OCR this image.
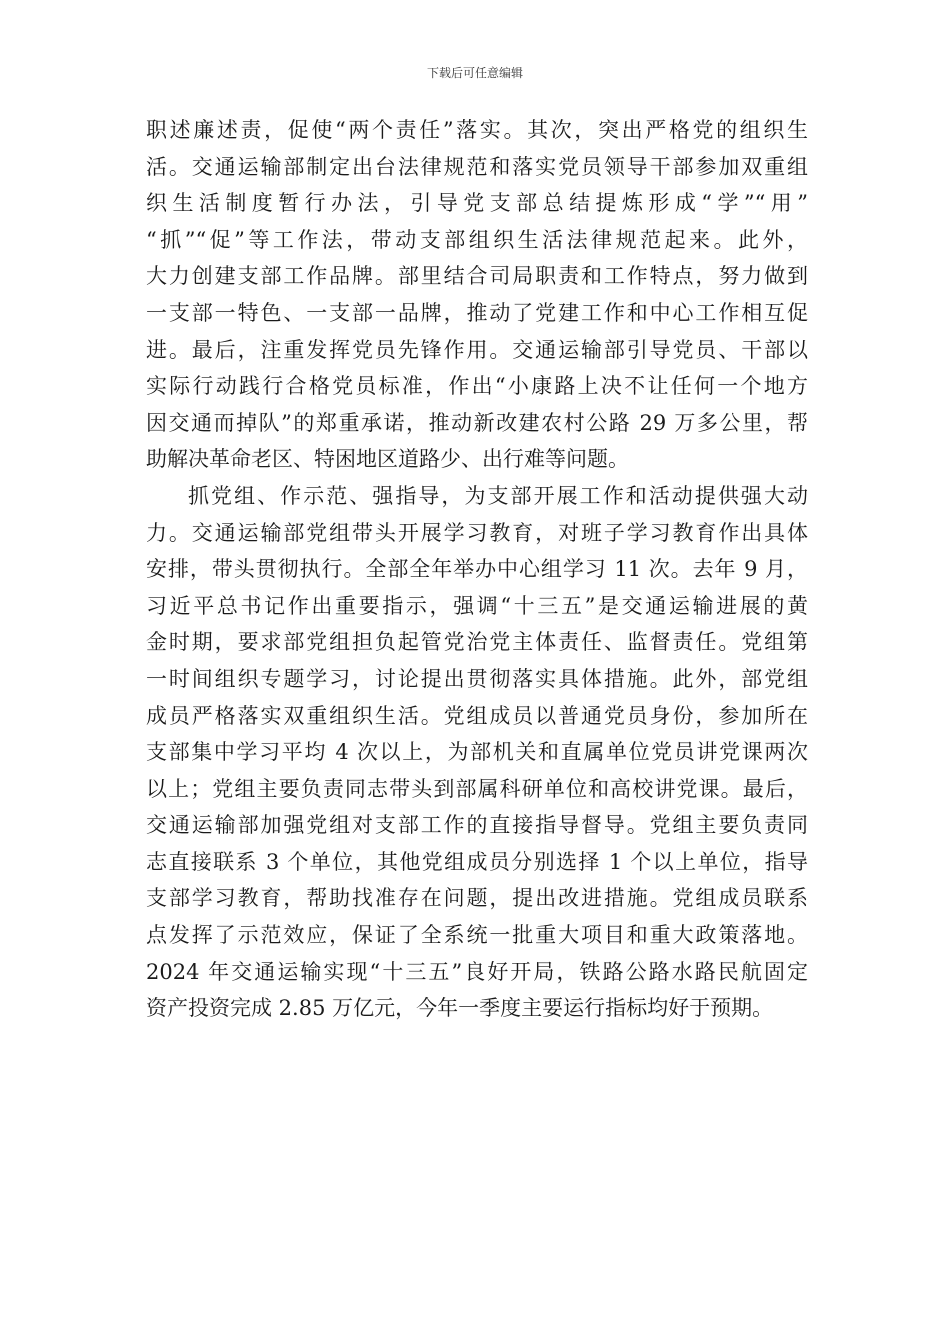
下载后可任意编辑
职述廉述责，促使“两个责任”落实。其次，突出严格党的组织生
活。交通运输部制定出台法律规范和落实党员领导干部参加双重组
织生活制度暂行办法，引导党支部总结提炼形成“学”“用”
“抓”“促”等工作法，带动支部组织生活法律规范起来。此外，
大力创建支部工作品牌。部里结合司局职责和工作特点，努力做到
一支部一特色、一支部一品牌，推动了党建工作和中心工作相互促
进。最后，注重发挥党员先锋作用。交通运输部引导党员、干部以
实际行动践行合格党员标准，作出“小康路上决不让任何一个地方
因交通而掉队”的郑重承诺，推动新改建农村公路 29 万多公里，帮
助解决革命老区、特困地区道路少、出行难等问题。
抓党组、作示范、强指导，为支部开展工作和活动提供强大动
力。交通运输部党组带头开展学习教育，对班子学习教育作出具体
安排，带头贯彻执行。全部全年举办中心组学习 11 次。去年 9 月，
习近平总书记作出重要指示，强调“十三五”是交通运输进展的黄
金时期，要求部党组担负起管党治党主体责任、监督责任。党组第
一时间组织专题学习，讨论提出贯彻落实具体措施。此外，部党组
成员严格落实双重组织生活。党组成员以普通党员身份，参加所在
支部集中学习平均 4 次以上，为部机关和直属单位党员讲党课两次
以上；党组主要负责同志带头到部属科研单位和高校讲党课。最后，
交通运输部加强党组对支部工作的直接指导督导。党组主要负责同
志直接联系 3 个单位，其他党组成员分别选择 1 个以上单位，指导
支部学习教育，帮助找准存在问题，提出改进措施。党组成员联系
点发挥了示范效应，保证了全系统一批重大项目和重大政策落地。
2024 年交通运输实现“十三五”良好开局，铁路公路水路民航固定
资产投资完成 2.85 万亿元，今年一季度主要运行指标均好于预期。
